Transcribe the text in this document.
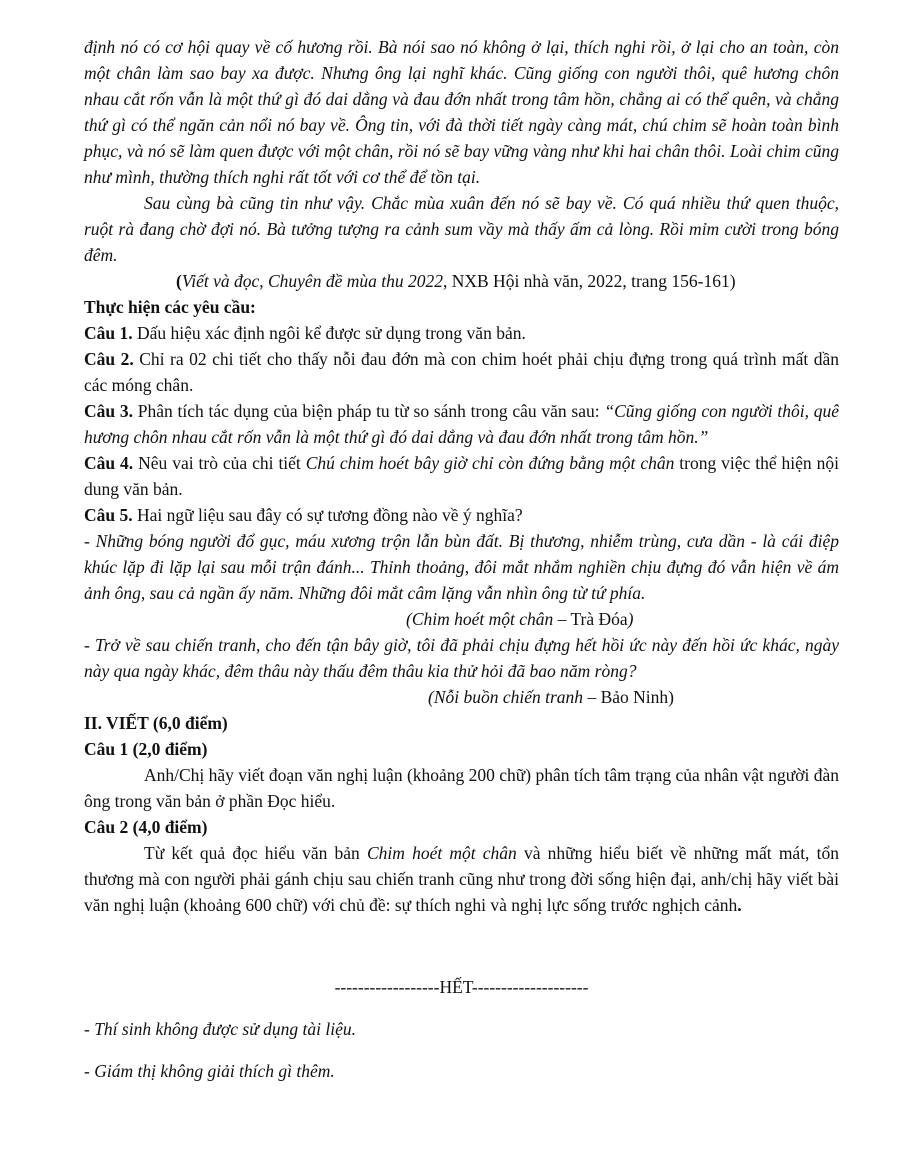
định nó có cơ hội quay về cố hương rồi. Bà nói sao nó không ở lại, thích nghi rồi, ở lại cho an toàn, còn một chân làm sao bay xa được. Nhưng ông lại nghĩ khác. Cũng giống con người thôi, quê hương chôn nhau cắt rốn vẫn là một thứ gì đó dai dẳng và đau đớn nhất trong tâm hồn, chẳng ai có thể quên, và chẳng thứ gì có thể ngăn cản nổi nó bay về. Ông tin, với đà thời tiết ngày càng mát, chú chim sẽ hoàn toàn bình phục, và nó sẽ làm quen được với một chân, rồi nó sẽ bay vững vàng như khi hai chân thôi. Loài chim cũng như mình, thường thích nghi rất tốt với cơ thể để tồn tại.

Sau cùng bà cũng tin như vậy. Chắc mùa xuân đến nó sẽ bay về. Có quá nhiều thứ quen thuộc, ruột rà đang chờ đợi nó. Bà tưởng tượng ra cảnh sum vầy mà thấy ấm cả lòng. Rồi mỉm cười trong bóng đêm.

(Viết và đọc, Chuyên đề mùa thu 2022, NXB Hội nhà văn, 2022, trang 156-161)

Thực hiện các yêu cầu:

Câu 1. Dấu hiệu xác định ngôi kể được sử dụng trong văn bản.

Câu 2. Chỉ ra 02 chi tiết cho thấy nỗi đau đớn mà con chim hoét phải chịu đựng trong quá trình mất dần các móng chân.

Câu 3. Phân tích tác dụng của biện pháp tu từ so sánh trong câu văn sau: “Cũng giống con người thôi, quê hương chôn nhau cắt rốn vẫn là một thứ gì đó dai dẳng và đau đớn nhất trong tâm hồn.”

Câu 4. Nêu vai trò của chi tiết Chú chim hoét bây giờ chỉ còn đứng bằng một chân trong việc thể hiện nội dung văn bản.

Câu 5. Hai ngữ liệu sau đây có sự tương đồng nào về ý nghĩa?

- Những bóng người đổ gục, máu xương trộn lẫn bùn đất. Bị thương, nhiễm trùng, cưa dần - là cái điệp khúc lặp đi lặp lại sau mỗi trận đánh... Thỉnh thoảng, đôi mắt nhắm nghiền chịu đựng đó vẫn hiện về ám ảnh ông, sau cả ngần ấy năm. Những đôi mắt câm lặng vẫn nhìn ông từ tứ phía.

(Chim hoét một chân – Trà Đóa)

- Trở về sau chiến tranh, cho đến tận bây giờ, tôi đã phải chịu đựng hết hồi ức này đến hồi ức khác, ngày này qua ngày khác, đêm thâu này thấu đêm thâu kia thử hỏi đã bao năm ròng?

(Nỗi buồn chiến tranh – Bảo Ninh)

II. VIẾT (6,0 điểm)

Câu 1 (2,0 điểm)

Anh/Chị hãy viết đoạn văn nghị luận (khoảng 200 chữ) phân tích tâm trạng của nhân vật người đàn ông trong văn bản ở phần Đọc hiểu.

Câu 2 (4,0 điểm)

Từ kết quả đọc hiểu văn bản Chim hoét một chân và những hiểu biết về những mất mát, tổn thương mà con người phải gánh chịu sau chiến tranh cũng như trong đời sống hiện đại, anh/chị hãy viết bài văn nghị luận (khoảng 600 chữ) với chủ đề: sự thích nghi và nghị lực sống trước nghịch cảnh.

------------------HẾT--------------------

- Thí sinh không được sử dụng tài liệu.

- Giám thị không giải thích gì thêm.
